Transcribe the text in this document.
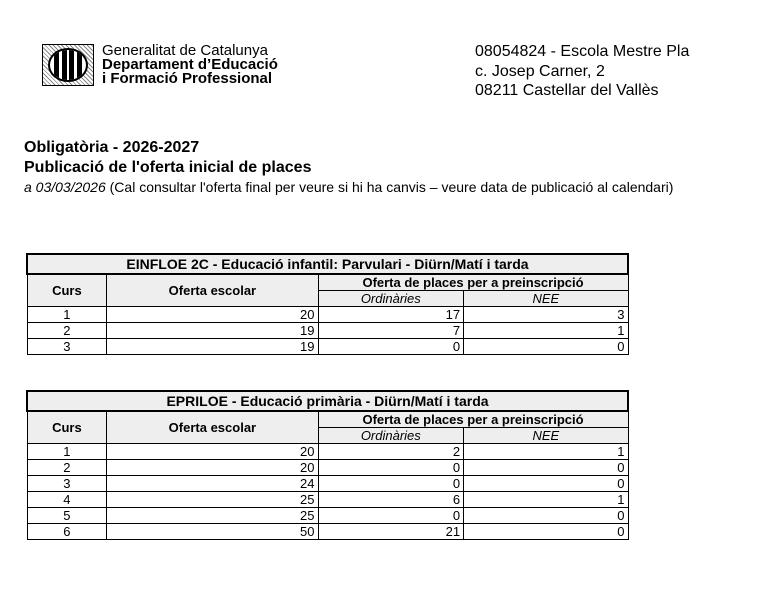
Generalitat de Catalunya
Departament d’Educació
i Formació Professional
08054824 - Escola Mestre Pla
c. Josep Carner, 2
08211 Castellar del Vallès
Obligatòria - 2026-2027
Publicació de l'oferta inicial de places
a 03/03/2026 (Cal consultar l'oferta final per veure si hi ha canvis – veure data de publicació al calendari)
EINFLOE 2C - Educació infantil: Parvulari - Diürn/Matí i tarda			
Curs	Oferta escolar	Oferta de places per a preinscripció	
		Ordinàries	NEE
1	20	17	3
2	19	7	1
3	19	0	0
EPRILOE - Educació primària - Diürn/Matí i tarda			
Curs	Oferta escolar	Oferta de places per a preinscripció	
		Ordinàries	NEE
1	20	2	1
2	20	0	0
3	24	0	0
4	25	6	1
5	25	0	0
6	50	21	0
